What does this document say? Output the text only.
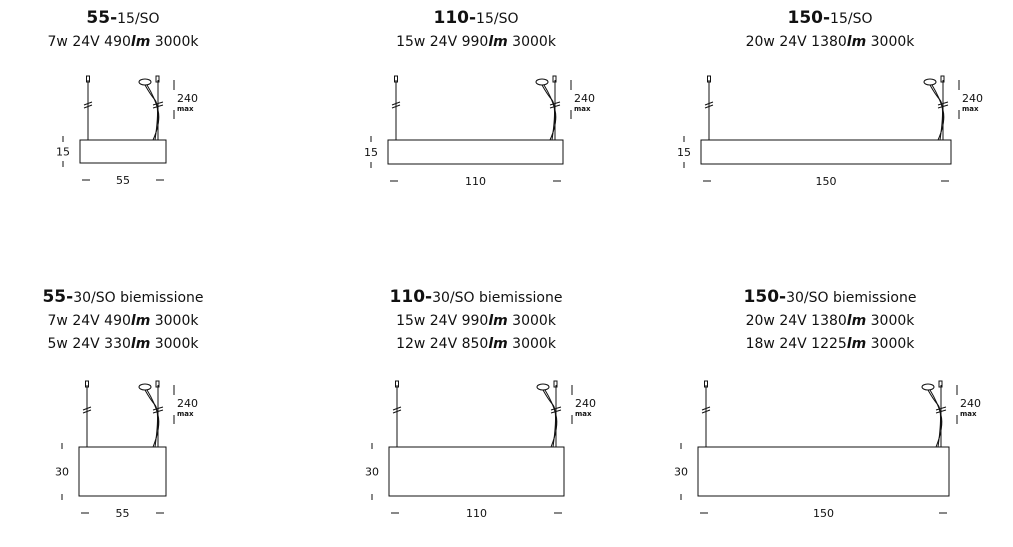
55-15/SO
7w 24V 490lm 3000k
15
55
240
max
110-15/SO
15w 24V 990lm 3000k
15
110
240
max
150-15/SO
20w 24V 1380lm 3000k
15
150
240
max
55-30/SO biemissione
7w 24V 490lm 3000k
5w 24V 330lm 3000k
30
55
240
max
110-30/SO biemissione
15w 24V 990lm 3000k
12w 24V 850lm 3000k
30
110
240
max
150-30/SO biemissione
20w 24V 1380lm 3000k
18w 24V 1225lm 3000k
30
150
240
max
